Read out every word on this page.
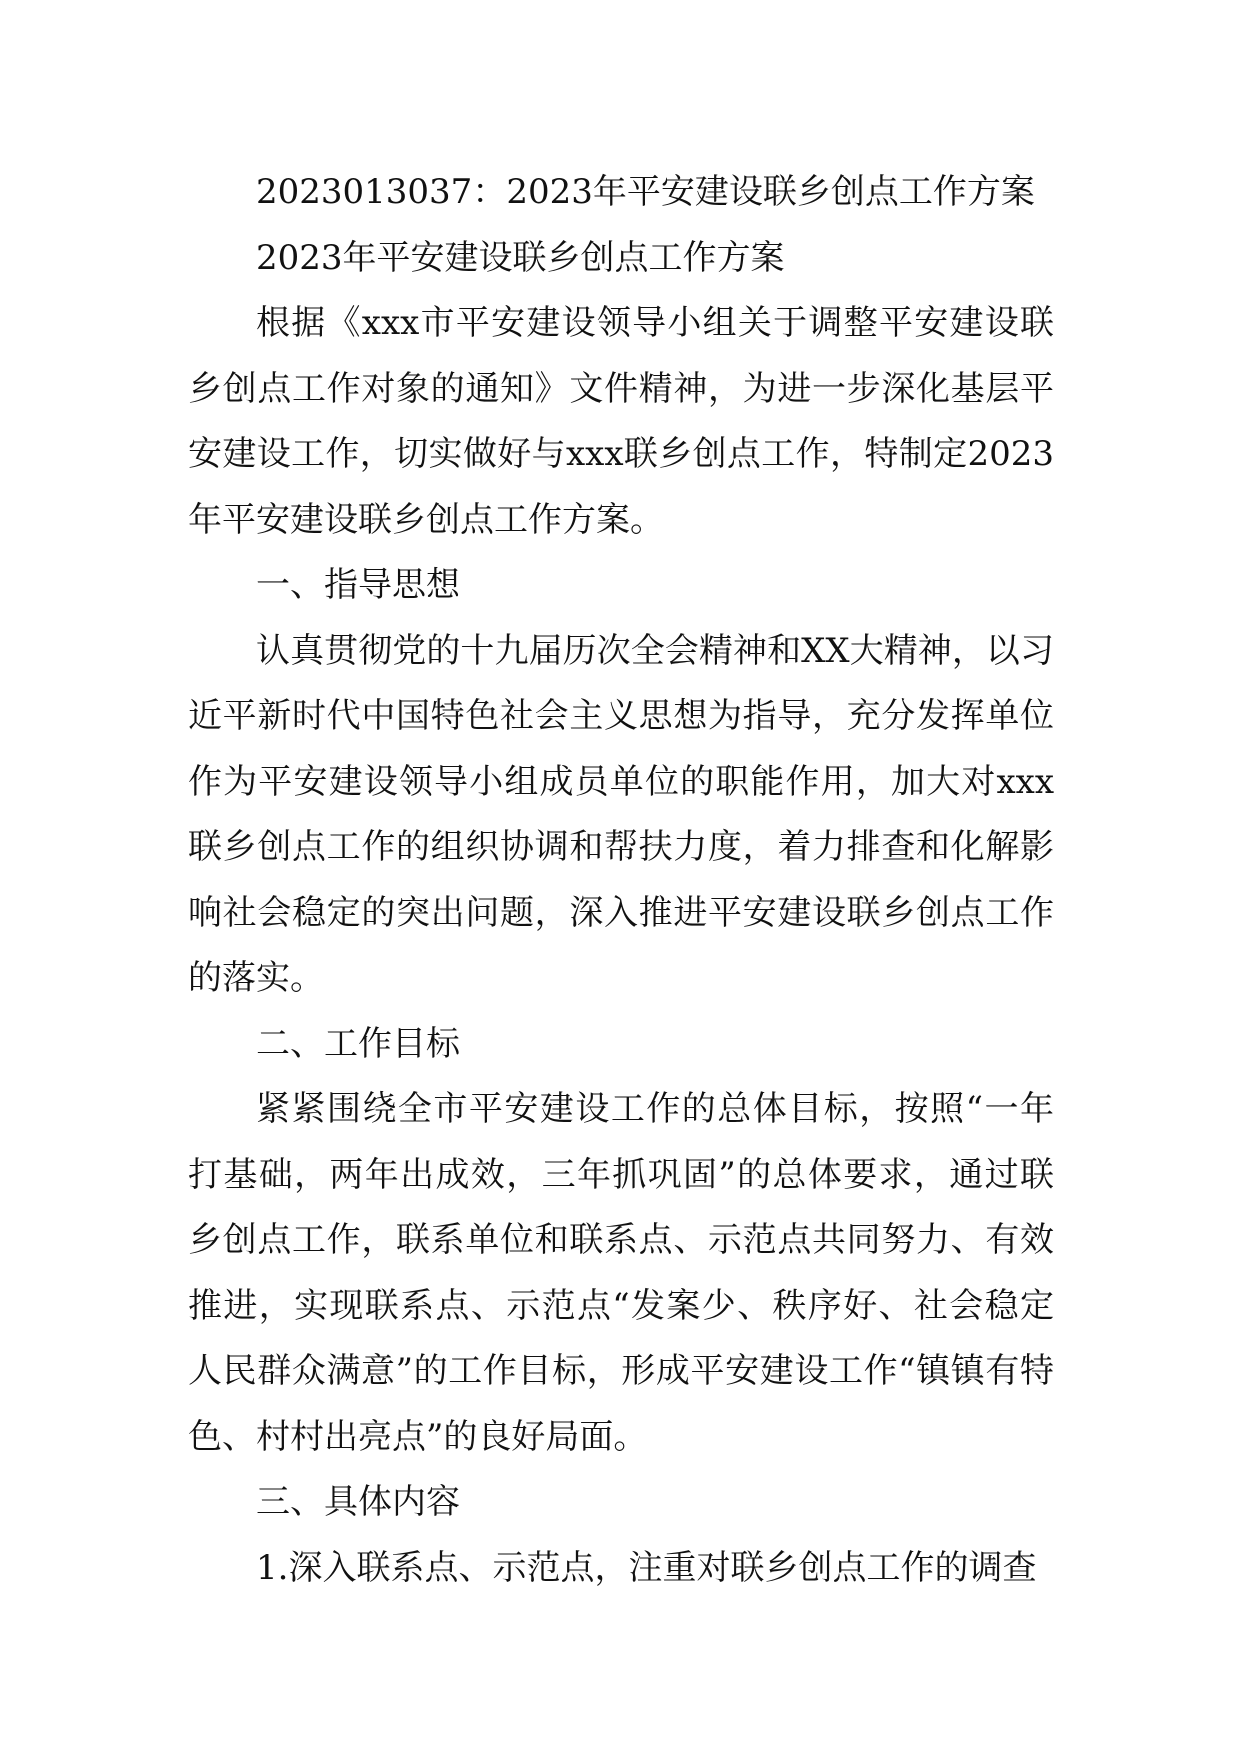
2023013037：2023年平安建设联乡创点工作方案

2023年平安建设联乡创点工作方案

根据《xxx市平安建设领导小组关于调整平安建设联乡创点工作对象的通知》文件精神，为进一步深化基层平安建设工作，切实做好与xxx联乡创点工作，特制定2023年平安建设联乡创点工作方案。

一、指导思想

认真贯彻党的十九届历次全会精神和XX大精神，以习近平新时代中国特色社会主义思想为指导，充分发挥单位作为平安建设领导小组成员单位的职能作用，加大对xxx联乡创点工作的组织协调和帮扶力度，着力排查和化解影响社会稳定的突出问题，深入推进平安建设联乡创点工作的落实。

二、工作目标

紧紧围绕全市平安建设工作的总体目标，按照“一年打基础，两年出成效，三年抓巩固”的总体要求，通过联乡创点工作，联系单位和联系点、示范点共同努力、有效推进，实现联系点、示范点“发案少、秩序好、社会稳定人民群众满意”的工作目标，形成平安建设工作“镇镇有特色、村村出亮点”的良好局面。

三、具体内容

1.深入联系点、示范点，注重对联乡创点工作的调查
